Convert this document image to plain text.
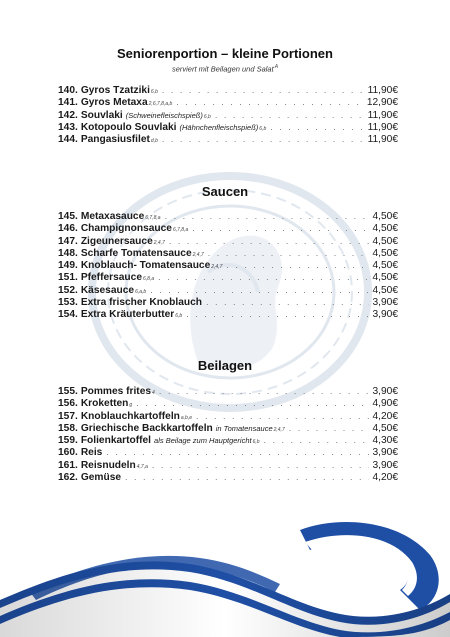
Seniorenportion – kleine Portionen
serviert mit Beilagen und Salat$^A$
140. Gyros Tzatziki 6,b . . .	11,90€
141. Gyros Metaxa 2,6,7,8,a,b . . .	12,90€
142. Souvlaki (Schweinefleischspieß) 6,b . . .	11,90€
143. Kotopoulo Souvlaki (Hähnchenfleischspieß) 6,b . . .	11,90€
144. Pangasiusfilet d,b . . .	11,90€
Saucen
145. Metaxasauce 6,7,8,a . . .	4,50€
146. Champignonsauce 6,7,8,a . . .	4,50€
147. Zigeunersauce 2,4,7 . . .	4,50€
148. Scharfe Tomatensauce 2,4,7 . . .	4,50€
149. Knoblauch- Tomatensauce 2,4,7 . . .	4,50€
151. Pfeffersauce 6,8,a . . .	4,50€
152. Käsesauce 6,a,b . . .	4,50€
153. Extra frischer Knoblauch . . .	3,90€
154. Extra Kräuterbutter 6,b . . .	3,90€
Beilagen
155. Pommes frites 4 . . .	3,90€
156. Kroketten g . . .	4,90€
157. Knoblauchkartoffeln a,b,e . . .	4,20€
158. Griechische Backkartoffeln in Tomatensauce 2,4,7 . . .	4,50€
159. Folienkartoffel als Beilage zum Hauptgericht 6,b . . .	4,30€
160. Reis . . .	3,90€
161. Reisnudeln 4,7,a . . .	3,90€
162. Gemüse . . .	4,20€
